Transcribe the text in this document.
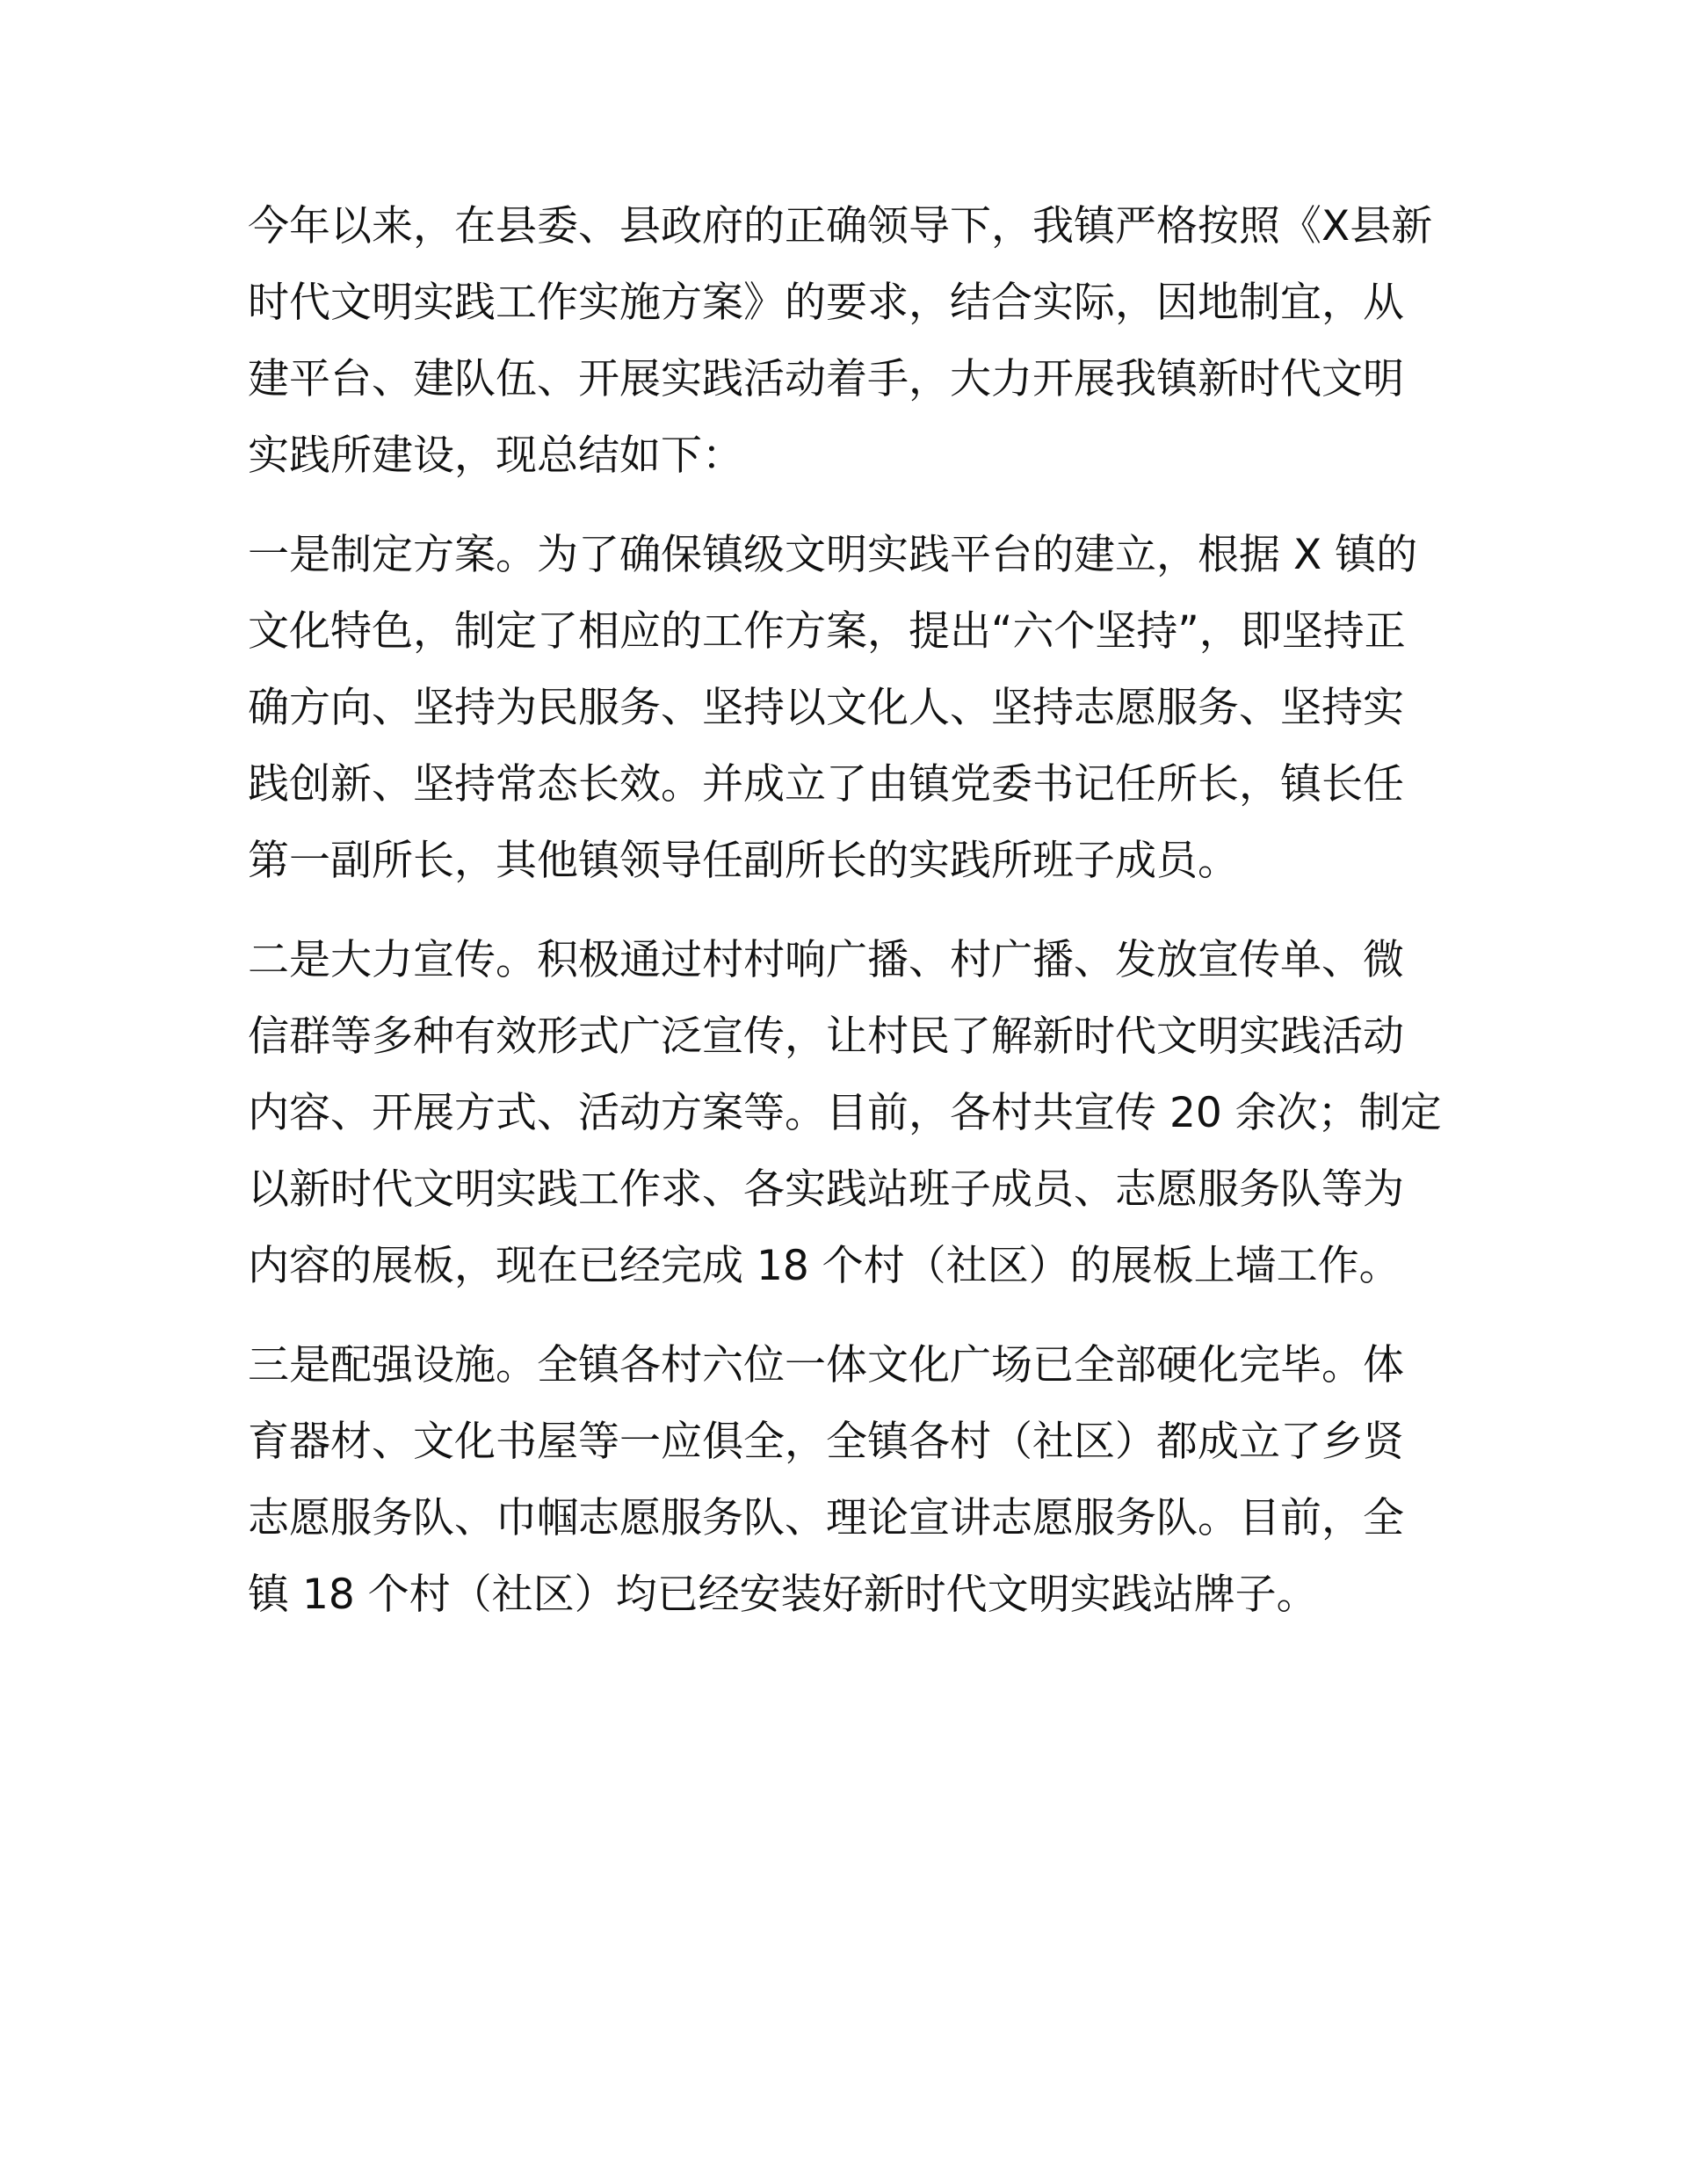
今年以来，在县委、县政府的正确领导下，我镇严格按照《X县新时代文明实践工作实施方案》的要求，结合实际，因地制宜，从建平台、建队伍、开展实践活动着手，大力开展我镇新时代文明实践所建设，现总结如下：

一是制定方案。为了确保镇级文明实践平台的建立，根据 X 镇的文化特色，制定了相应的工作方案，提出“六个坚持”，即坚持正确方向、坚持为民服务、坚持以文化人、坚持志愿服务、坚持实践创新、坚持常态长效。并成立了由镇党委书记任所长，镇长任第一副所长，其他镇领导任副所长的实践所班子成员。

二是大力宣传。积极通过村村响广播、村广播、发放宣传单、微信群等多种有效形式广泛宣传，让村民了解新时代文明实践活动内容、开展方式、活动方案等。目前，各村共宣传 20 余次；制定以新时代文明实践工作求、各实践站班子成员、志愿服务队等为内容的展板，现在已经完成 18 个村（社区）的展板上墙工作。

三是配强设施。全镇各村六位一体文化广场已全部硬化完毕。体育器材、文化书屋等一应俱全，全镇各村（社区）都成立了乡贤志愿服务队、巾帼志愿服务队、理论宣讲志愿服务队。目前，全镇 18 个村（社区）均已经安装好新时代文明实践站牌子。
